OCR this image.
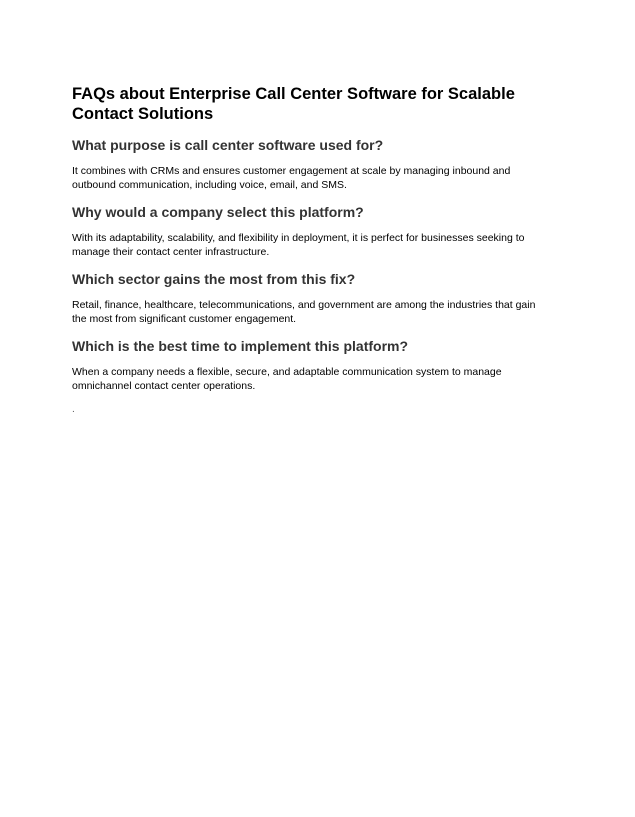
FAQs about Enterprise Call Center Software for Scalable Contact Solutions
What purpose is call center software used for?

It combines with CRMs and ensures customer engagement at scale by managing inbound and outbound communication, including voice, email, and SMS.

Why would a company select this platform?

With its adaptability, scalability, and flexibility in deployment, it is perfect for businesses seeking to manage their contact center infrastructure.

Which sector gains the most from this fix?

Retail, finance, healthcare, telecommunications, and government are among the industries that gain the most from significant customer engagement.

Which is the best time to implement this platform?

When a company needs a flexible, secure, and adaptable communication system to manage omnichannel contact center operations.

.
